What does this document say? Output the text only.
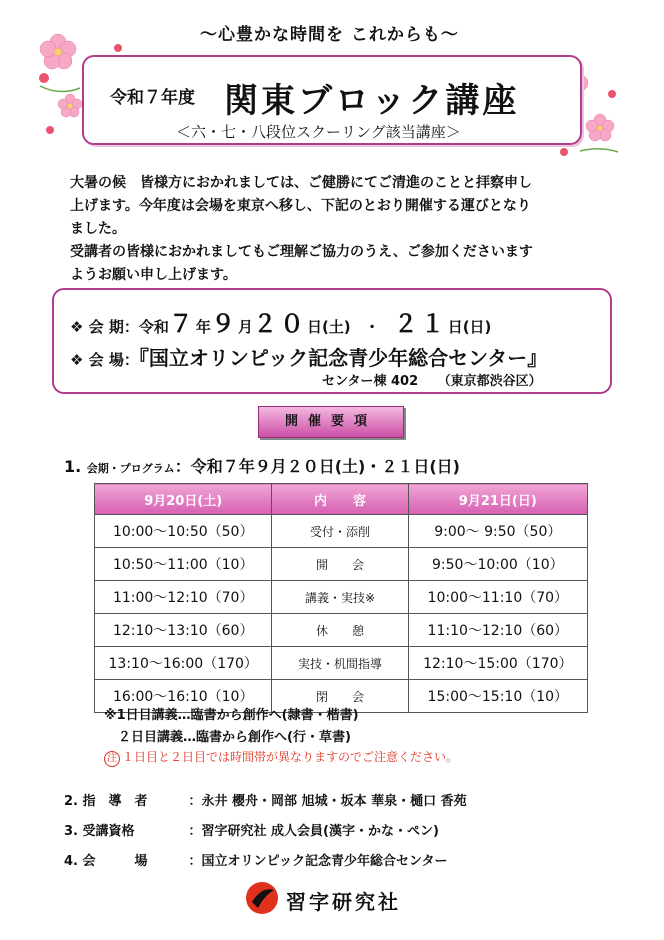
～心豊かな時間を これからも～
令和７年度 関東ブロック講座
＜六・七・八段位スクーリング該当講座＞

大暑の候　皆様方におかれましては、ご健勝にてご清進のことと拝察申し

上げます。今年度は会場を東京へ移し、下記のとおり開催する運びとなり

ました。

受講者の皆様におかれましてもご理解ご協力のうえ、ご参加くださいます

ようお願い申し上げます。

❖ 会 期：令和７年９月２０日(土) ・ ２１日(日)
❖ 会 場：『国立オリンピック記念青少年総合センター』
センター棟 402　　（東京都渋谷区）
開催要項
1. 会期・プログラム：令和７年９月２０日(土)・２１日(日)
9月20日(土)	内　　容	9月21日(日)
10:00～10:50（50）	受付・添削	9:00～ 9:50（50）
10:50～11:00（10）	開　　会	9:50～10:00（10）
11:00～12:10（70）	講義・実技※	10:00～11:10（70）
12:10～13:10（60）	休　　憩	11:10～12:10（60）
13:10～16:00（170）	実技・机間指導	12:10～15:00（170）
16:00～16:10（10）	閉　　会	15:00～15:10（10）
※1日目講義…臨書から創作へ(隷書・楷書)
２日目講義…臨書から創作へ(行・草書)
注 １日目と２日目では時間帯が異なりますのでご注意ください。
2. 指　導　者	：永井 櫻舟・岡部 旭城・坂本 華泉・樋口 香苑
3. 受講資格	：習字研究社 成人会員(漢字・かな・ペン)
4. 会　　　場	：国立オリンピック記念青少年総合センター
習字研究社
